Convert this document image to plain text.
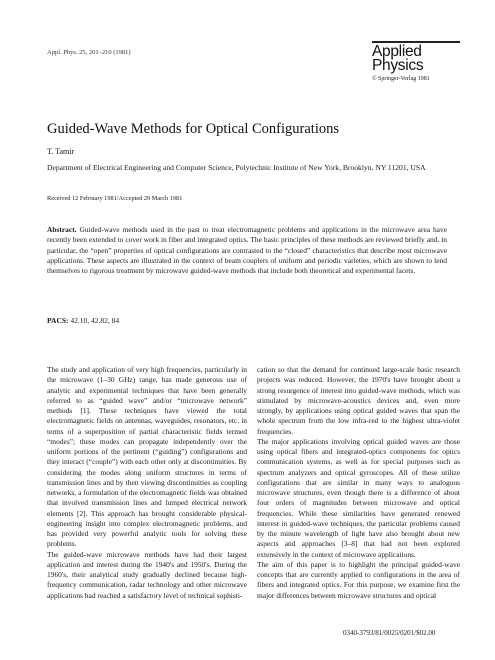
Appl. Phys. 25, 201–210 (1981)	Applied
Physics
© Springer-Verlag 1981
Guided-Wave Methods for Optical Configurations
T. Tamir
Department of Electrical Engineering and Computer Science, Polytechnic Institute of New York, Brooklyn, NY 11201, USA
Received 12 February 1981/Accepted 29 March 1981
Abstract. Guided-wave methods used in the past to treat electromagnetic problems and applications in the microwave area have recently been extended to cover work in fiber and integrated optics. The basic principles of these methods are reviewed briefly and, in particular, the “open” properties of optical configurations are contrasted to the “closed” characteristics that describe most microwave applications. These aspects are illustrated in the context of beam couplers of uniform and periodic varieties, which are shown to lend themselves to rigorous treatment by microwave guided-wave methods that include both theoretical and experimental facets.
PACS: 42.10, 42.82, 84

The study and application of very high frequencies, particularly in the microwave (1–30 GHz) range, has made generous use of analytic and experimental techniques that have been generally referred to as “guided wave” and/or “microwave network” methods [1]. These techniques have viewed the total electromagnetic fields on antennas, waveguides, resonators, etc. in terms of a superposition of partial characteristic fields termed “modes”; these modes can propagate independently over the uniform portions of the pertinent (“guiding”) configurations and they interact (“couple”) with each other only at discontinuities. By considering the modes along uniform structures in terms of transmission lines and by then viewing discontinuities as coupling networks, a formulation of the electromagnetic fields was obtained that involved transmission lines and lumped electrical network elements [2]. This approach has brought considerable physical-engineering insight into complex electromagnetic problems, and has provided very powerful analytic tools for solving these problems.

The guided-wave microwave methods have had their largest application and interest during the 1940's and 1950's. During the 1960's, their analytical study gradually declined because high-frequency communication, radar technology and other microwave applications had reached a satisfactory level of technical sophisti-

cation so that the demand for continued large-scale basic research projects was reduced. However, the 1970's have brought about a strong resurgence of interest into guided-wave methods, which was stimulated by microwave-acoustics devices and, even more strongly, by applications using optical guided waves that span the whole spectrum from the low infra-red to the highest ultra-violet frequencies.

The major applications involving optical guided waves are those using optical fibers and integrated-optics components for optics communication systems, as well as for special purposes such as spectrum analyzers and optical gyroscopes. All of these utilize configurations that are similar in many ways to analogous microwave structures, even though there is a difference of about four orders of magnitudes between microwave and optical frequencies. While these similarities have generated renewed interest in guided-wave techniques, the particular problems caused by the minute wavelength of light have also brought about new aspects and approaches [3–8] that had not been explored extensively in the context of microwave applications.

The aim of this paper is to highlight the principal guided-wave concepts that are currently applied to configurations in the area of fibers and integrated optics. For this purpose, we examine first the major differences between microwave structures and optical

0340-3793/81/0025/0201/$02.00
